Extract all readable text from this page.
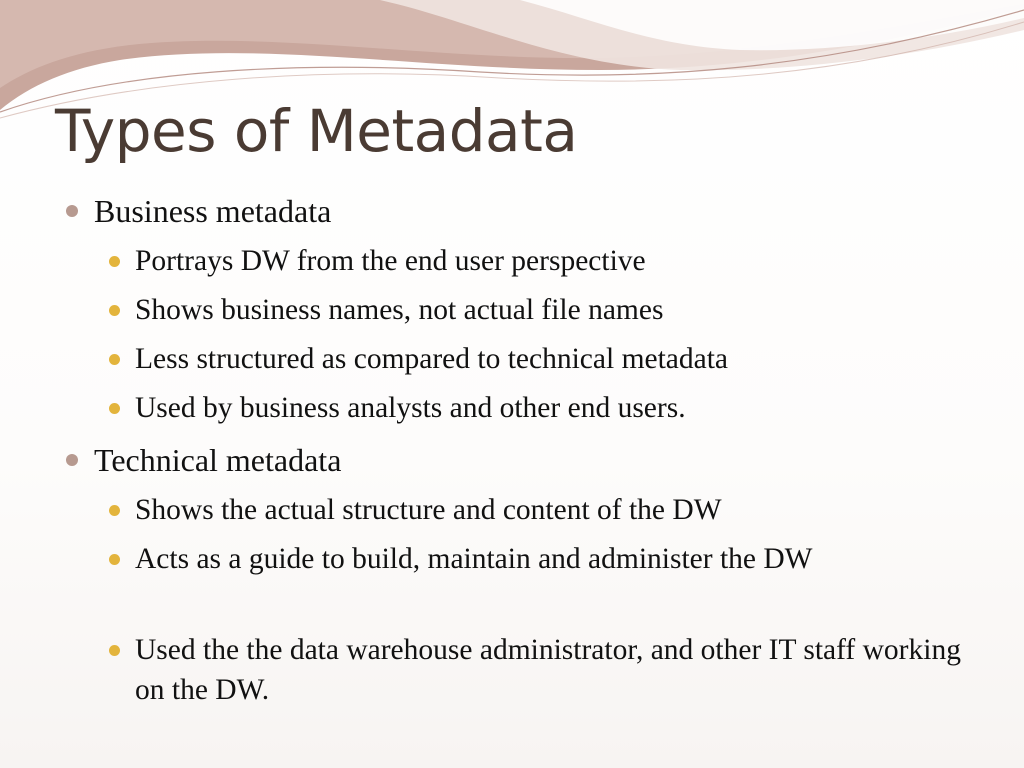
Types of Metadata
Business metadata
Portrays DW from the end user perspective
Shows business names, not actual file names
Less structured as compared to technical metadata
Used by business analysts and other end users.
Technical metadata
Shows the actual structure and content of the DW
Acts as a guide to build, maintain and administer the DW
Used the the data warehouse administrator, and other IT staff working on the DW.
